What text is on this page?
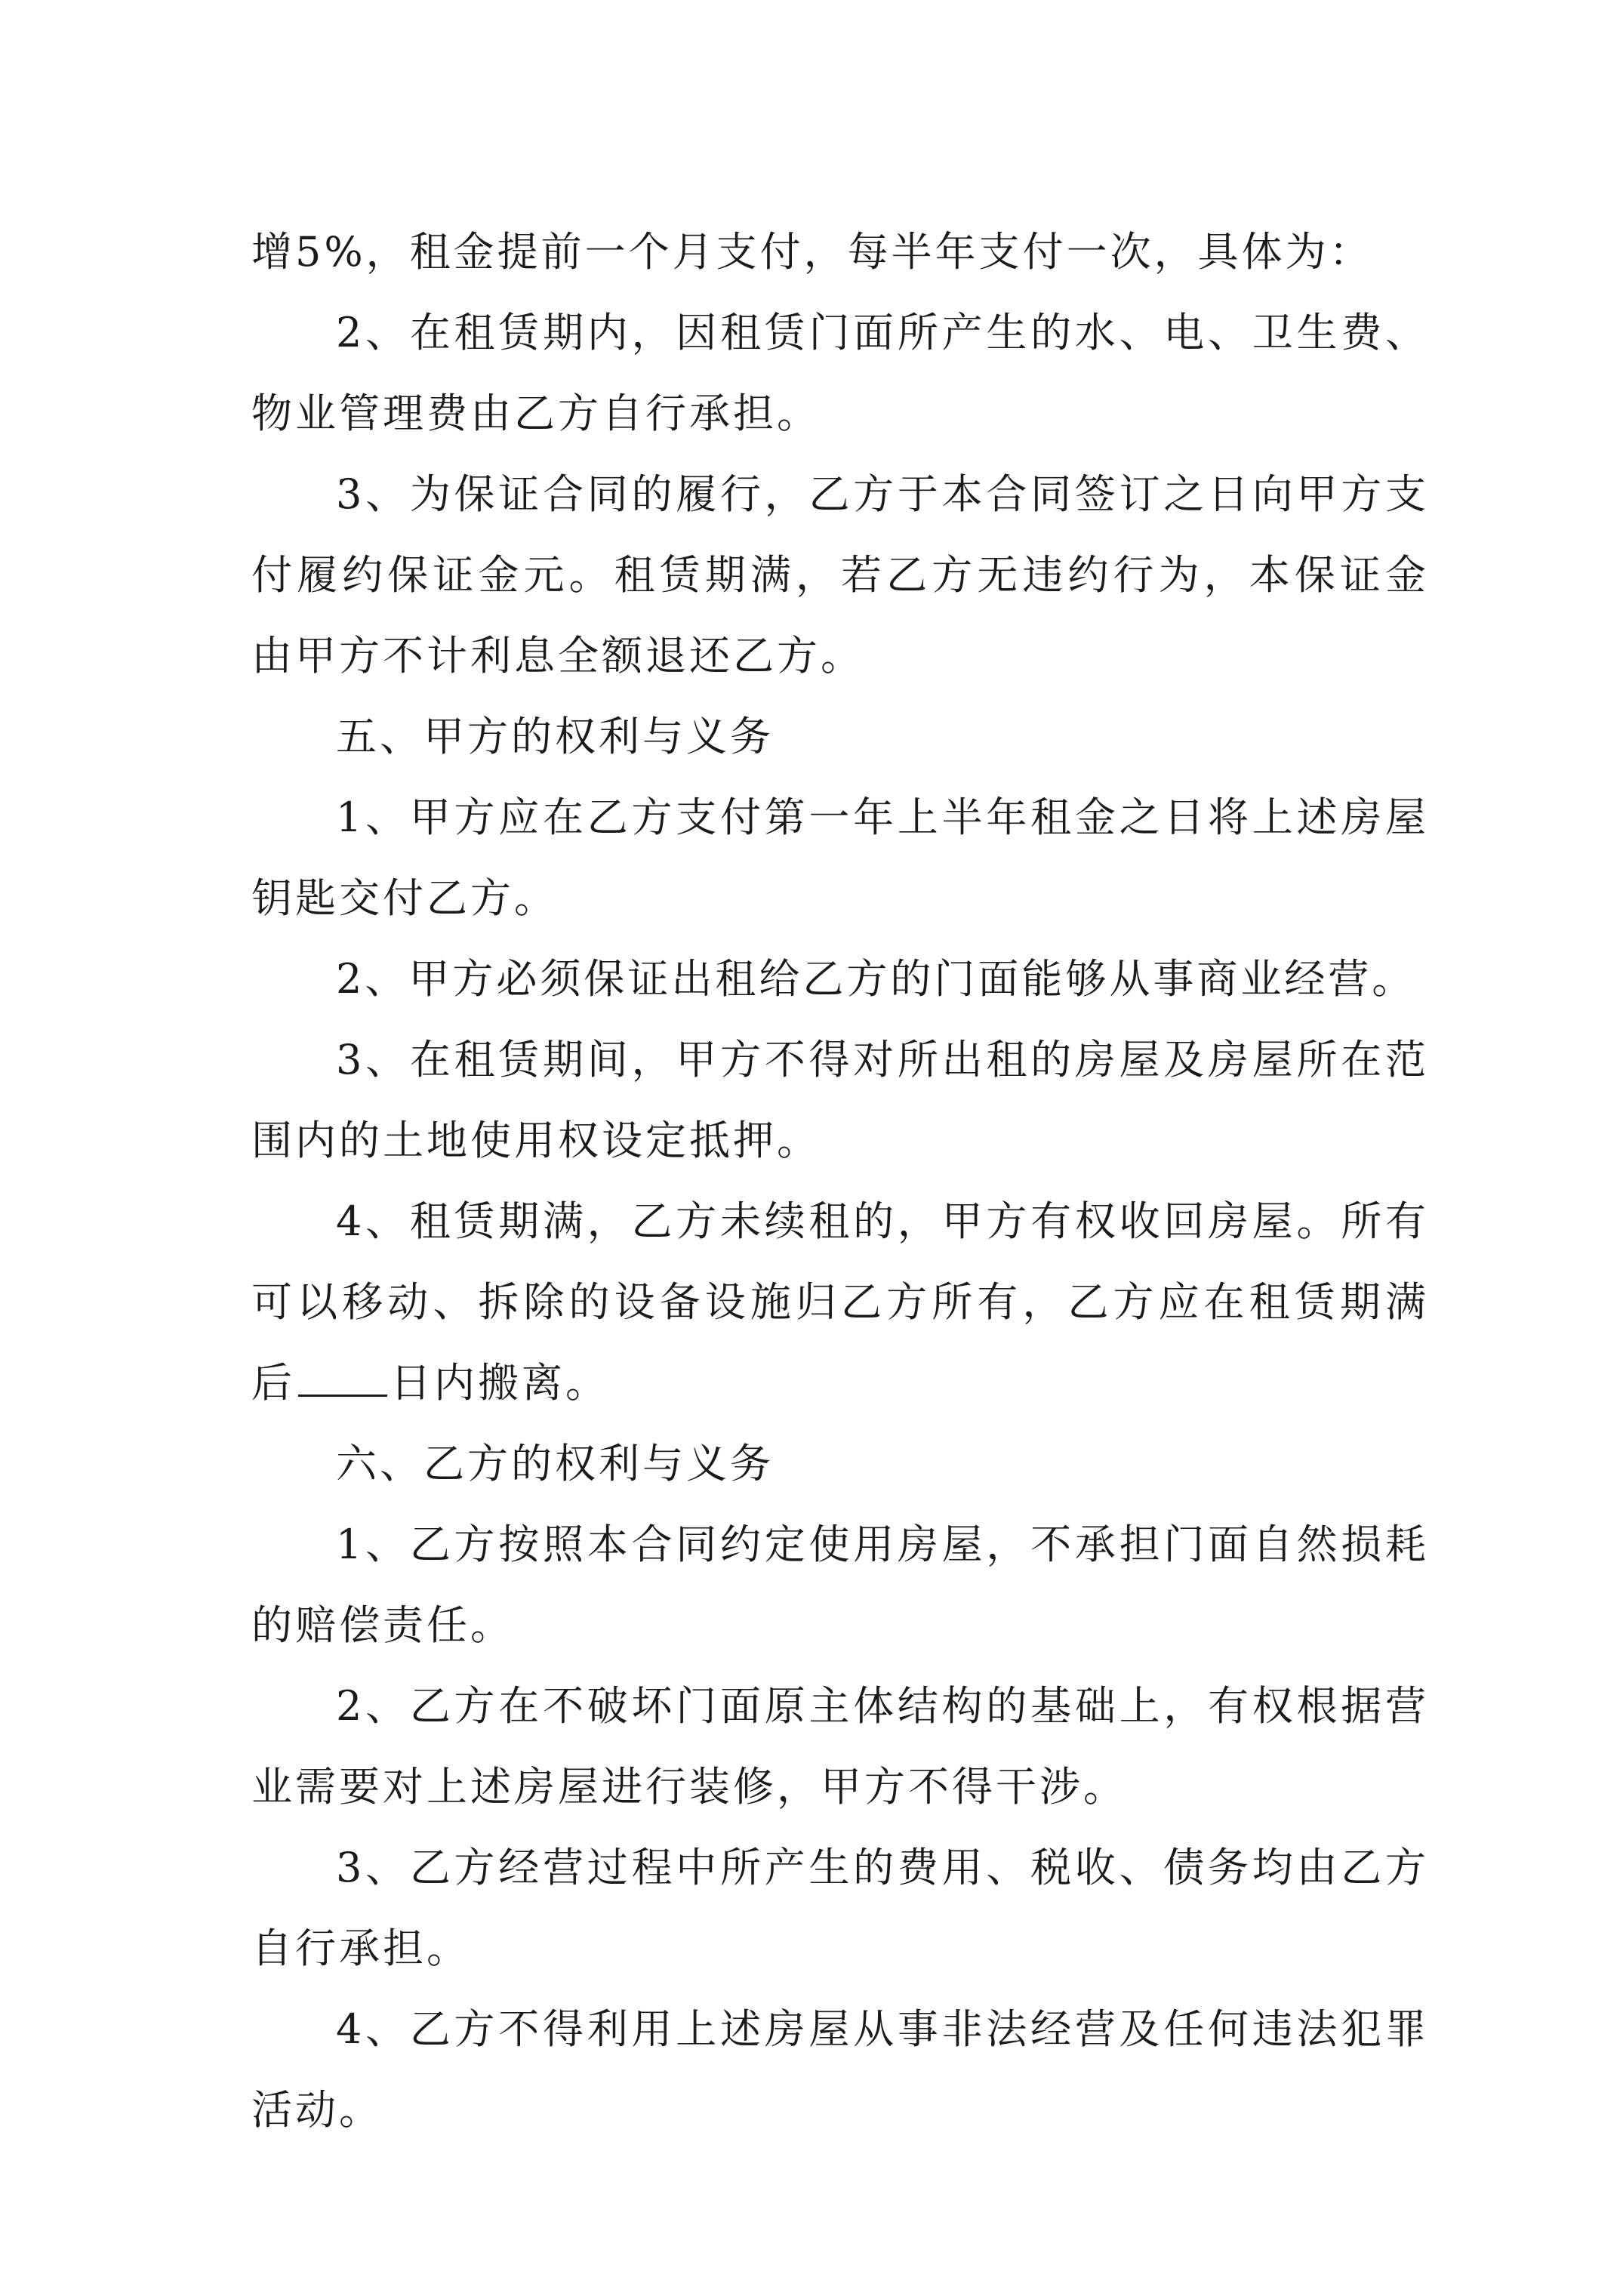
增5%，租金提前一个月支付，每半年支付一次，具体为：

2、在租赁期内，因租赁门面所产生的水、电、卫生费、物业管理费由乙方自行承担。

3、为保证合同的履行，乙方于本合同签订之日向甲方支付履约保证金元。租赁期满，若乙方无违约行为，本保证金由甲方不计利息全额退还乙方。

五、甲方的权利与义务

1、甲方应在乙方支付第一年上半年租金之日将上述房屋钥匙交付乙方。

2、甲方必须保证出租给乙方的门面能够从事商业经营。

3、在租赁期间，甲方不得对所出租的房屋及房屋所在范围内的土地使用权设定抵押。

4、租赁期满，乙方未续租的，甲方有权收回房屋。所有可以移动、拆除的设备设施归乙方所有，乙方应在租赁期满后 日内搬离。

六、乙方的权利与义务

1、乙方按照本合同约定使用房屋，不承担门面自然损耗的赔偿责任。

2、乙方在不破坏门面原主体结构的基础上，有权根据营业需要对上述房屋进行装修，甲方不得干涉。

3、乙方经营过程中所产生的费用、税收、债务均由乙方自行承担。

4、乙方不得利用上述房屋从事非法经营及任何违法犯罪活动。
